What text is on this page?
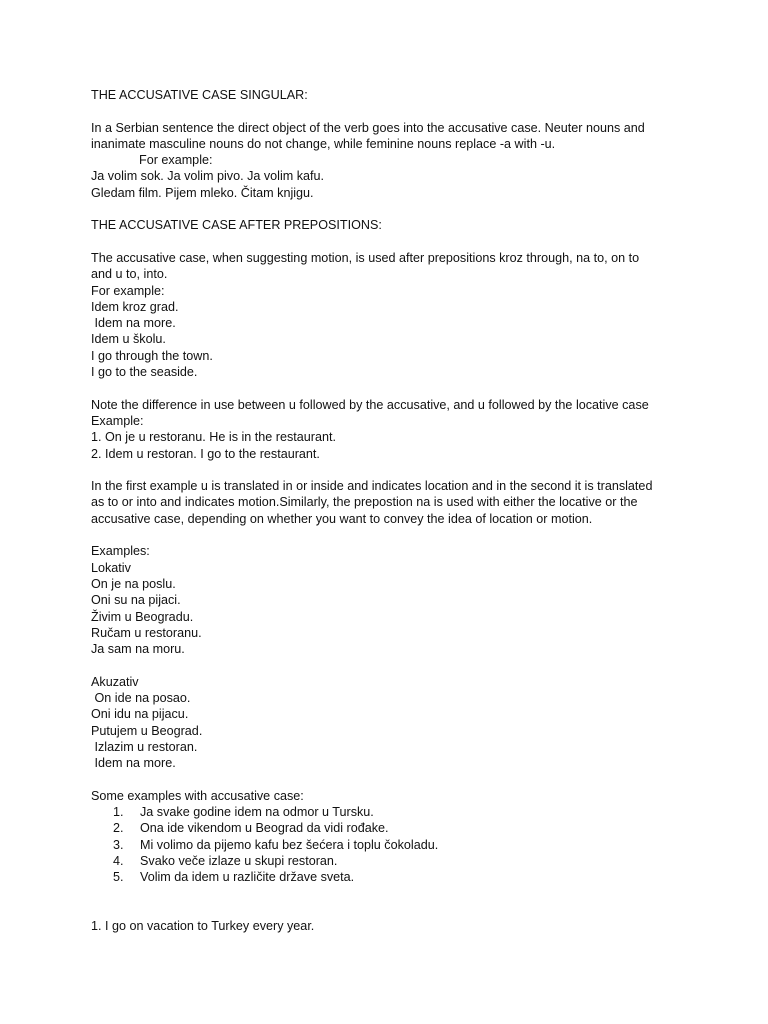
THE ACCUSATIVE CASE SINGULAR:
In a Serbian sentence the direct object of the verb goes into the accusative case. Neuter nouns and
inanimate masculine nouns do not change, while feminine nouns replace -a with -u.
For example:
Ja volim sok. Ja volim pivo. Ja volim kafu.
Gledam film. Pijem mleko. Čitam knjigu.
THE ACCUSATIVE CASE AFTER PREPOSITIONS:
The accusative case, when suggesting motion, is used after prepositions kroz through, na to, on to
and u to, into.
For example:
Idem kroz grad.
Idem na more.
Idem u školu.
I go through the town.
I go to the seaside.
Note the difference in use between u followed by the accusative, and u followed by the locative case
Example:
1. On je u restoranu. He is in the restaurant.
2. Idem u restoran. I go to the restaurant.
In the first example u is translated in or inside and indicates location and in the second it is translated
as to or into and indicates motion.Similarly, the prepostion na is used with either the locative or the
accusative case, depending on whether you want to convey the idea of location or motion.
Examples:
Lokativ
On je na poslu.
Oni su na pijaci.
Živim u Beogradu.
Ručam u restoranu.
Ja sam na moru.
Akuzativ
On ide na posao.
Oni idu na pijacu.
Putujem u Beograd.
Izlazim u restoran.
Idem na more.
Some examples with accusative case:
1.	Ja svake godine idem na odmor u Tursku.
2.	Ona ide vikendom u Beograd da vidi rođake.
3.	Mi volimo da pijemo kafu bez šećera i toplu čokoladu.
4.	Svako veče izlaze u skupi restoran.
5.	Volim da idem u različite države sveta.
1. I go on vacation to Turkey every year.
